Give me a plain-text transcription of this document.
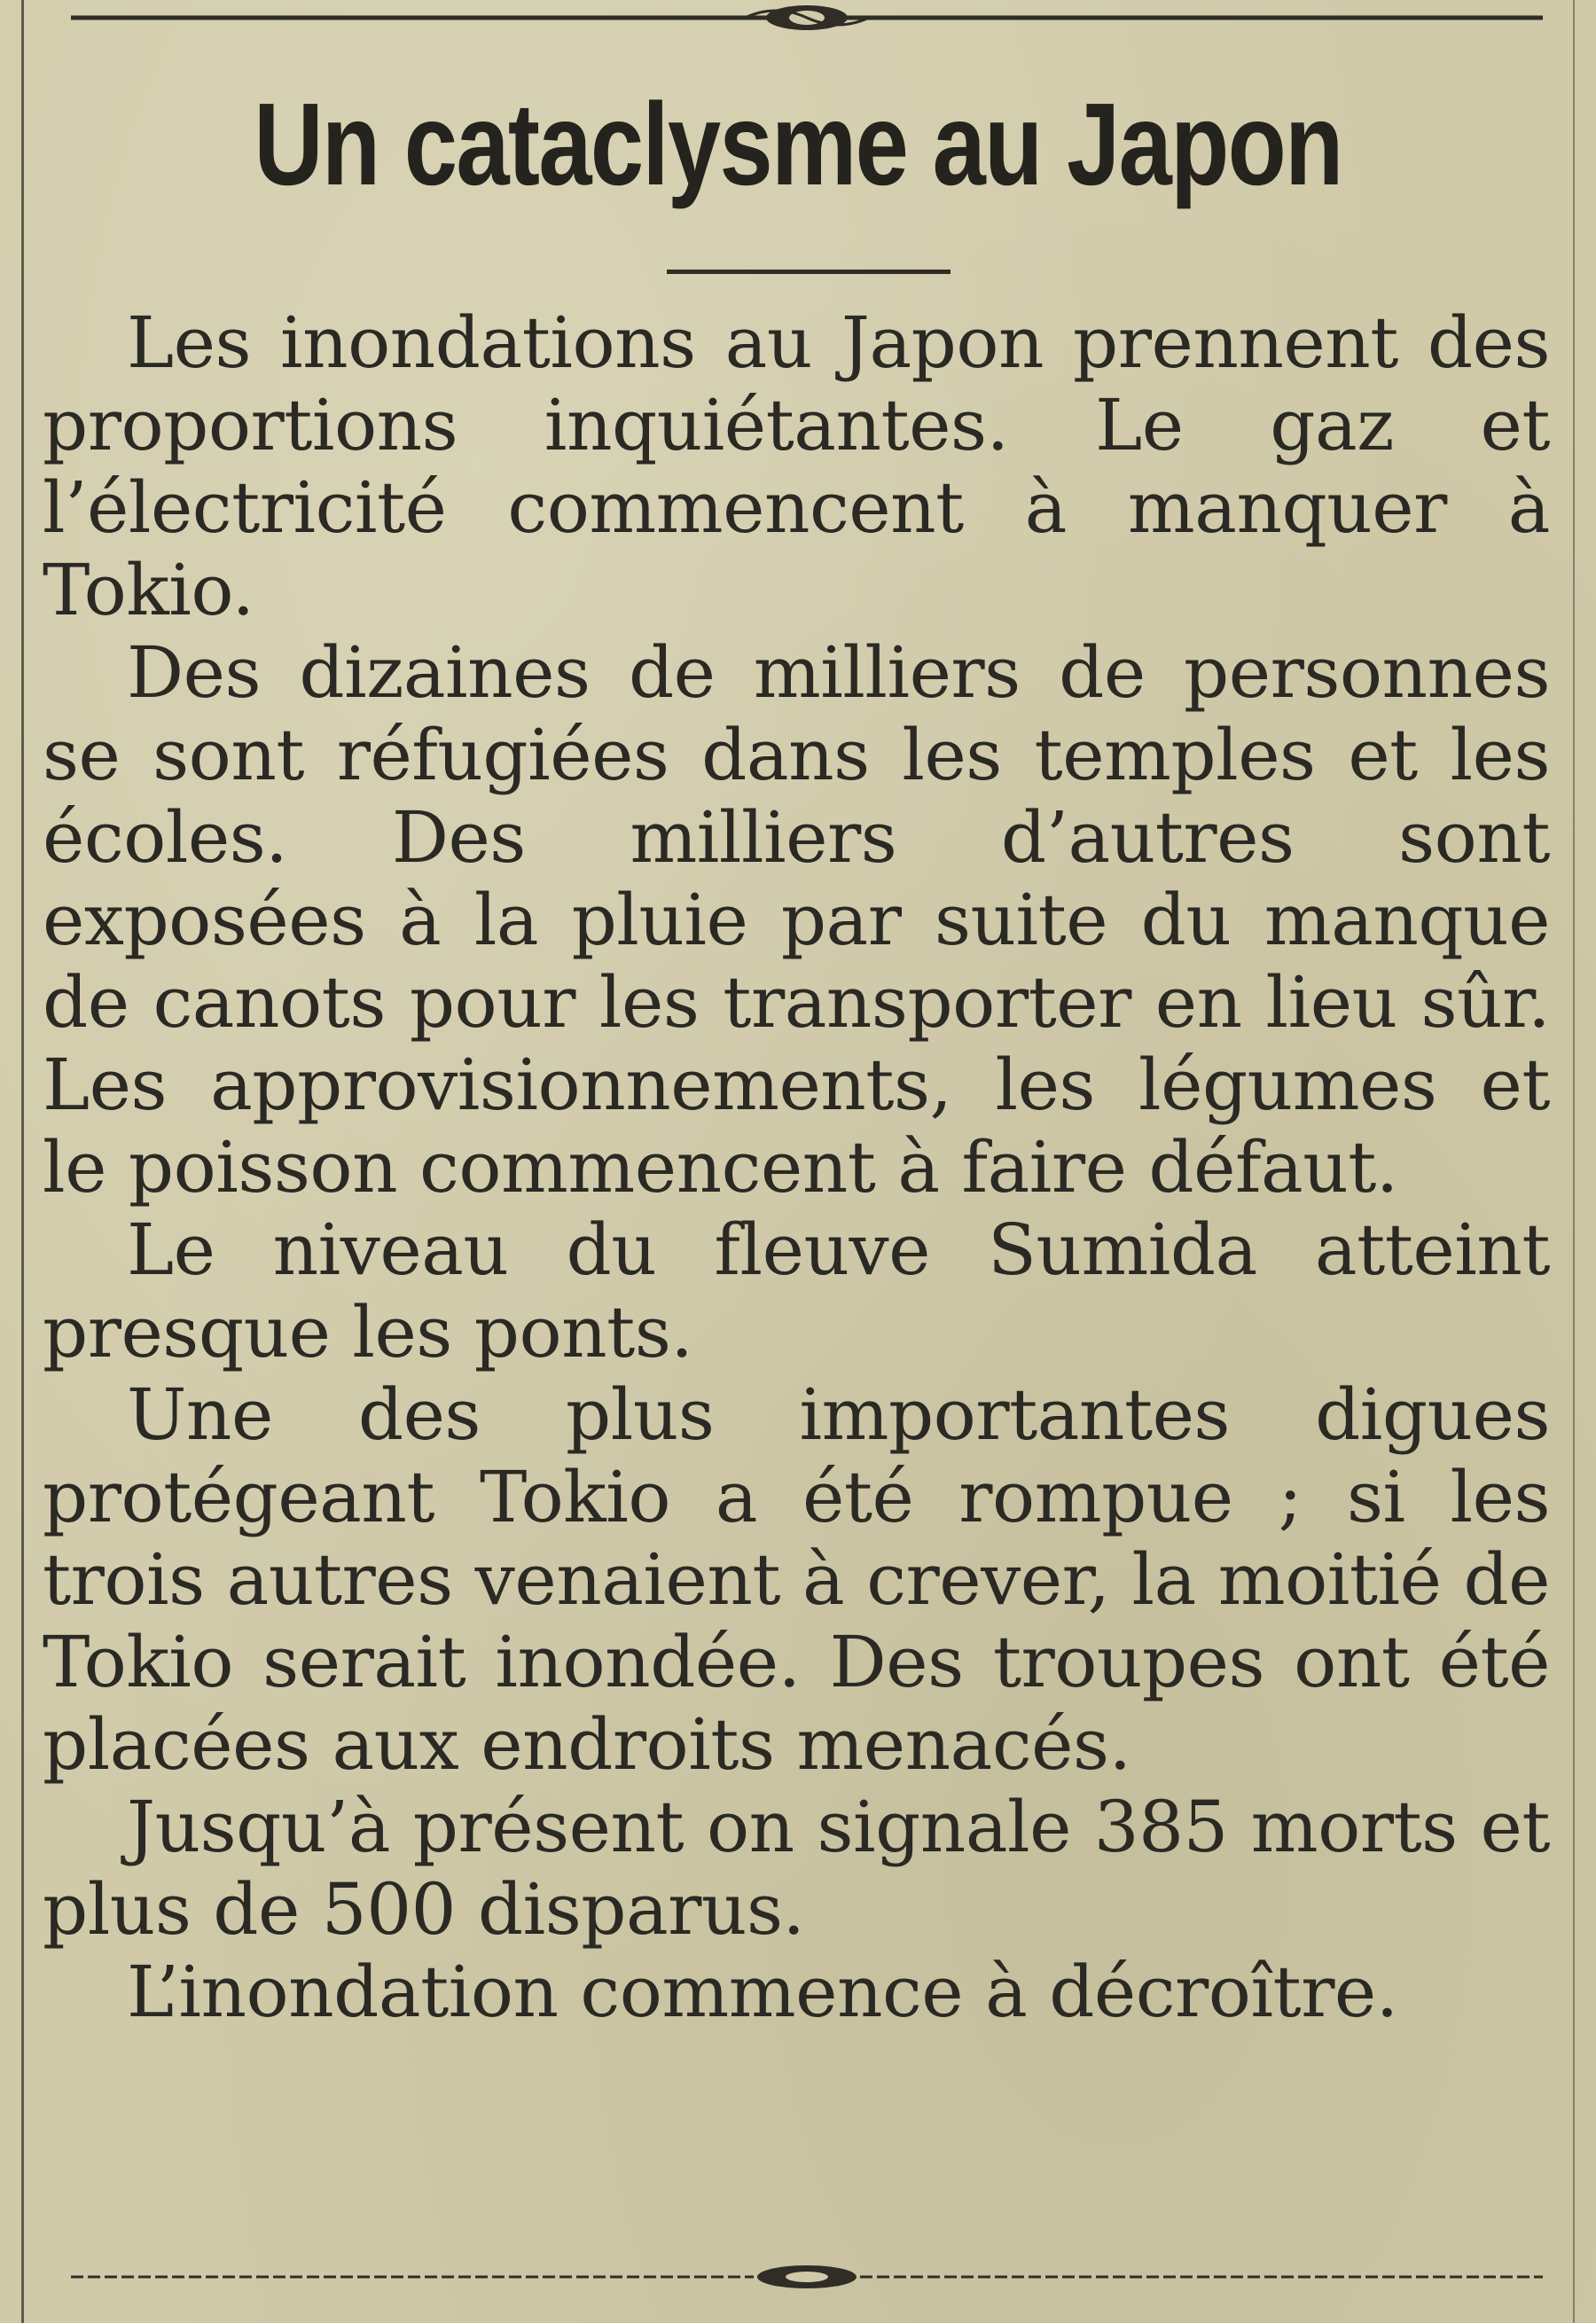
Un cataclysme au Japon

Les inondations au Japon prennent des proportions inquiétantes. Le gaz et l’électricité commencent à manquer à Tokio.

Des dizaines de milliers de personnes se sont réfugiées dans les temples et les écoles. Des milliers d’autres sont exposées à la pluie par suite du manque de canots pour les transporter en lieu sûr. Les approvisionnements, les légumes et le poisson commencent à faire défaut.

Le niveau du fleuve Sumida atteint presque les ponts.

Une des plus importantes digues protégeant Tokio a été rompue ; si les trois autres venaient à crever, la moitié de Tokio serait inondée. Des troupes ont été placées aux endroits menacés.

Jusqu’à présent on signale 385 morts et plus de 500 disparus.

L’inondation commence à décroître.
